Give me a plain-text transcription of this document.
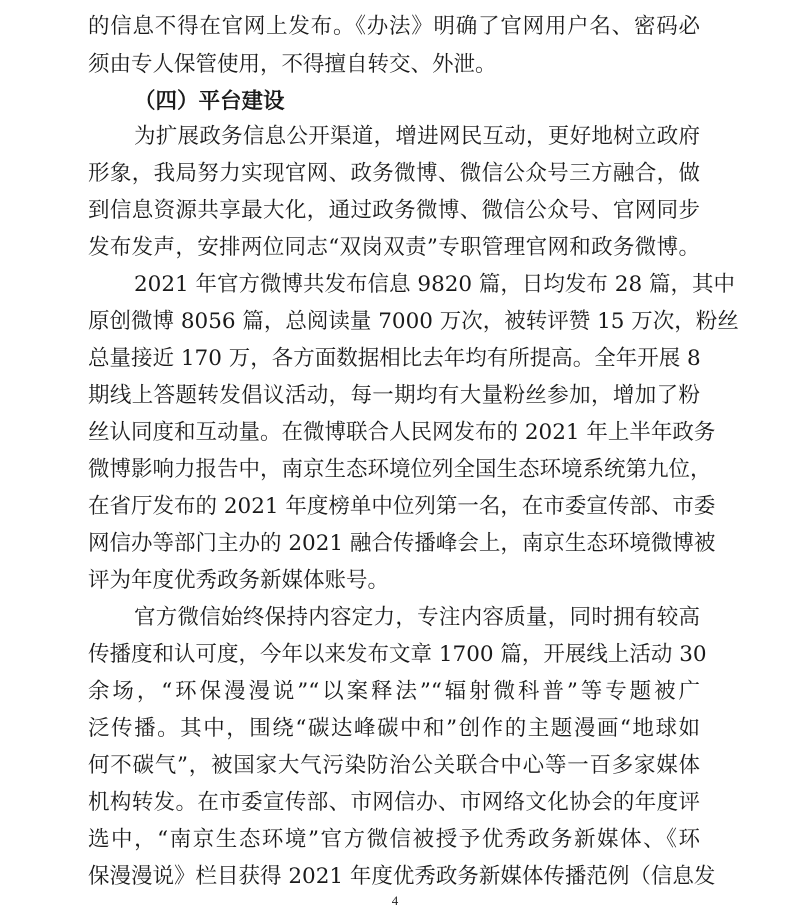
的信息不得在官网上发布。《办法》明确了官网用户名、密码必
须由专人保管使用，不得擅自转交、外泄。
（四）平台建设
为扩展政务信息公开渠道，增进网民互动，更好地树立政府
形象，我局努力实现官网、政务微博、微信公众号三方融合，做
到信息资源共享最大化，通过政务微博、微信公众号、官网同步
发布发声，安排两位同志“双岗双责”专职管理官网和政务微博。
2021 年官方微博共发布信息 9820 篇，日均发布 28 篇，其中
原创微博 8056 篇，总阅读量 7000 万次，被转评赞 15 万次，粉丝
总量接近 170 万，各方面数据相比去年均有所提高。全年开展 8
期线上答题转发倡议活动，每一期均有大量粉丝参加，增加了粉
丝认同度和互动量。在微博联合人民网发布的 2021 年上半年政务
微博影响力报告中，南京生态环境位列全国生态环境系统第九位，
在省厅发布的 2021 年度榜单中位列第一名，在市委宣传部、市委
网信办等部门主办的 2021 融合传播峰会上，南京生态环境微博被
评为年度优秀政务新媒体账号。
官方微信始终保持内容定力，专注内容质量，同时拥有较高
传播度和认可度，今年以来发布文章 1700 篇，开展线上活动 30
余场，“环保漫漫说”“以案释法”“辐射微科普”等专题被广
泛传播。其中，围绕“碳达峰碳中和”创作的主题漫画“地球如
何不碳气”，被国家大气污染防治公关联合中心等一百多家媒体
机构转发。在市委宣传部、市网信办、市网络文化协会的年度评
选中，“南京生态环境”官方微信被授予优秀政务新媒体、《环
保漫漫说》栏目获得 2021 年度优秀政务新媒体传播范例（信息发
4
